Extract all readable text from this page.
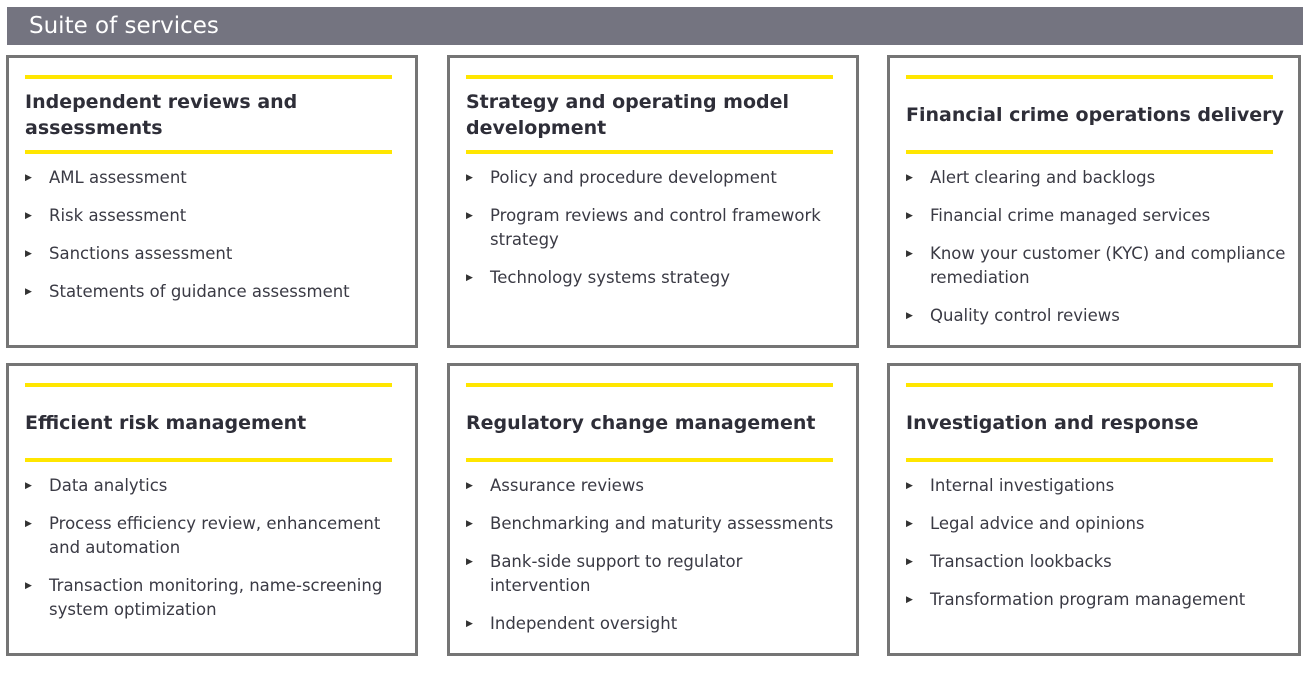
Suite of services
Independent reviews and assessments
▶ AML assessment
▶ Risk assessment
▶ Sanctions assessment
▶ Statements of guidance assessment
Strategy and operating model development
▶ Policy and procedure development
▶ Program reviews and control framework strategy
▶ Technology systems strategy
Financial crime operations delivery
▶ Alert clearing and backlogs
▶ Financial crime managed services
▶ Know your customer (KYC) and compliance remediation
▶ Quality control reviews
Efficient risk management
▶ Data analytics
▶ Process efficiency review, enhancement and automation
▶ Transaction monitoring, name-screening system optimization
Regulatory change management
▶ Assurance reviews
▶ Benchmarking and maturity assessments
▶ Bank-side support to regulator intervention
▶ Independent oversight
Investigation and response
▶ Internal investigations
▶ Legal advice and opinions
▶ Transaction lookbacks
▶ Transformation program management
